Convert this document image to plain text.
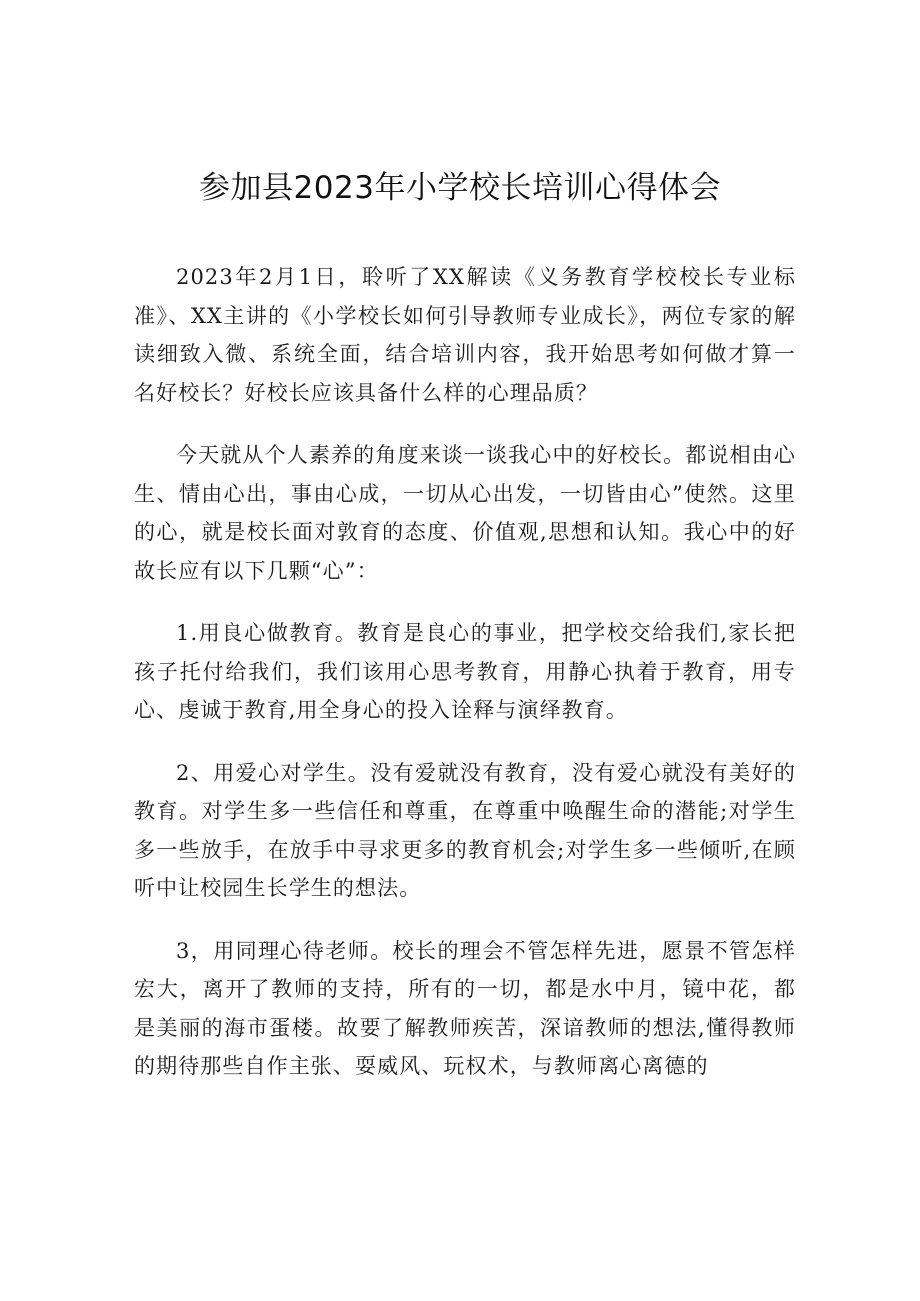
参加县2023年小学校长培训心得体会

2023年2月1日，聆听了XX解读《义务教育学校校长专业标准》、XX主讲的《小学校长如何引导教师专业成长》，两位专家的解读细致入微、系统全面，结合培训内容，我开始思考如何做才算一名好校长？好校长应该具备什么样的心理品质？

今天就从个人素养的角度来谈一谈我心中的好校长。都说相由心生、情由心出，事由心成，一切从心出发，一切皆由心”使然。这里的心，就是校长面对敦育的态度、价值观,思想和认知。我心中的好故长应有以下几颗“心”：

1.用良心做教育。教育是良心的事业，把学校交给我们,家长把孩子托付给我们，我们该用心思考教育，用静心执着于教育，用专心、虔诚于教育,用全身心的投入诠释与演绎教育。

2、用爱心对学生。没有爱就没有教育，没有爱心就没有美好的教育。对学生多一些信任和尊重，在尊重中唤醒生命的潜能;对学生多一些放手，在放手中寻求更多的教育机会;对学生多一些倾听,在顾听中让校园生长学生的想法。

3，用同理心待老师。校长的理会不管怎样先进，愿景不管怎样宏大，离开了教师的支持，所有的一切，都是水中月，镜中花，都是美丽的海市蛋楼。故要了解教师疾苦，深谙教师的想法,懂得教师的期待那些自作主张、耍威风、玩权术，与教师离心离德的
